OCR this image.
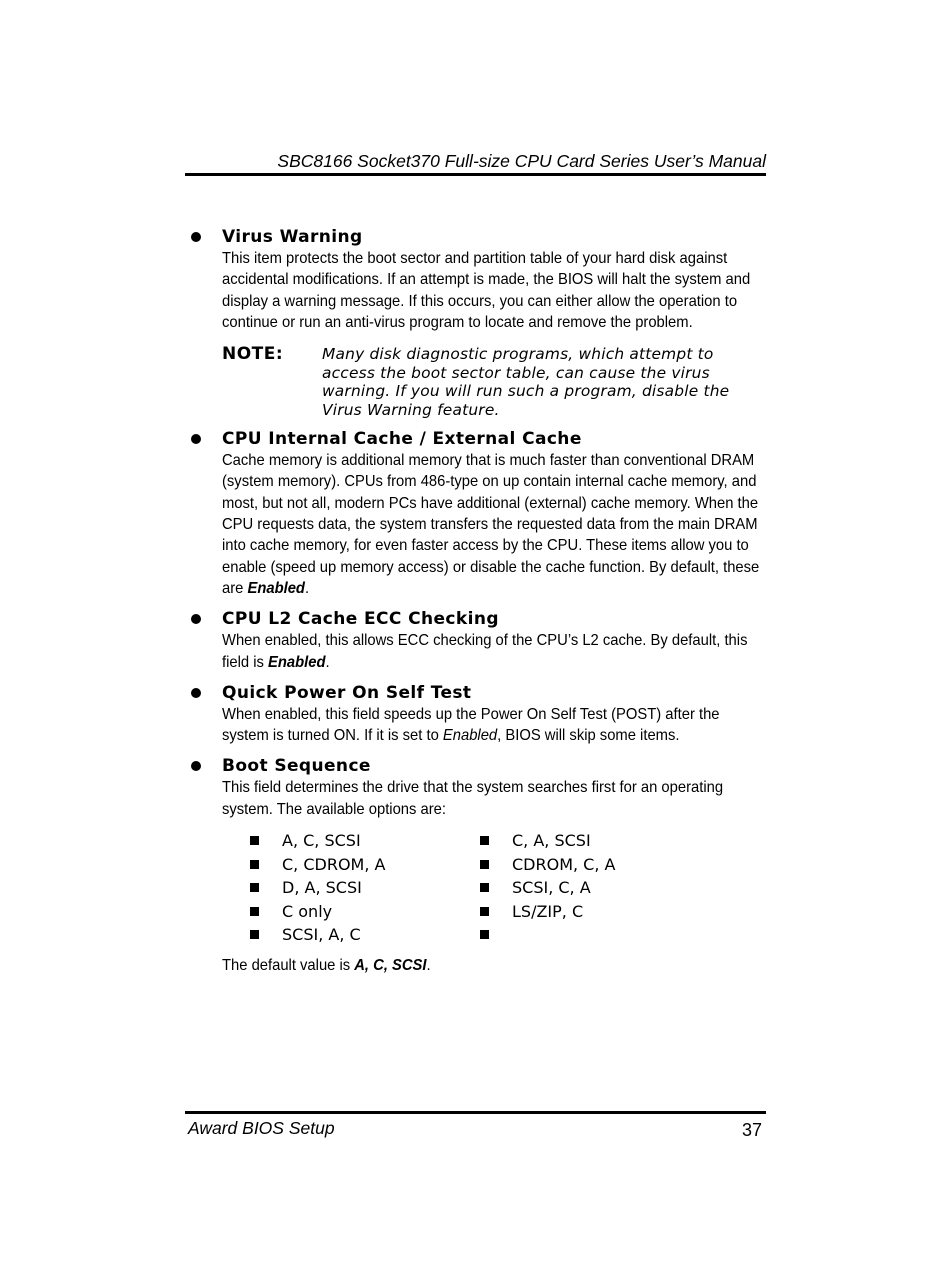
SBC8166 Socket370 Full-size CPU Card Series User’s Manual
Virus Warning
This item protects the boot sector and partition table of your hard disk against accidental modifications. If an attempt is made, the BIOS will halt the system and display a warning message. If this occurs, you can either allow the operation to continue or run an anti-virus program to locate and remove the problem.
NOTE:	Many disk diagnostic programs, which attempt to access the boot sector table, can cause the virus warning. If you will run such a program, disable the Virus Warning feature.
CPU Internal Cache / External Cache
Cache memory is additional memory that is much faster than conventional DRAM (system memory). CPUs from 486-type on up contain internal cache memory, and most, but not all, modern PCs have additional (external) cache memory. When the CPU requests data, the system transfers the requested data from the main DRAM into cache memory, for even faster access by the CPU. These items allow you to enable (speed up memory access) or disable the cache function. By default, these are Enabled.
CPU L2 Cache ECC Checking
When enabled, this allows ECC checking of the CPU’s L2 cache. By default, this field is Enabled.
Quick Power On Self Test
When enabled, this field speeds up the Power On Self Test (POST) after the system is turned ON. If it is set to Enabled, BIOS will skip some items.
Boot Sequence
This field determines the drive that the system searches first for an operating system. The available options are:
A, C, SCSI	C, A, SCSI
C, CDROM, A	CDROM, C, A
D, A, SCSI	SCSI, C, A
C only	LS/ZIP, C
SCSI, A, C
The default value is A, C, SCSI.
Award BIOS Setup	37
